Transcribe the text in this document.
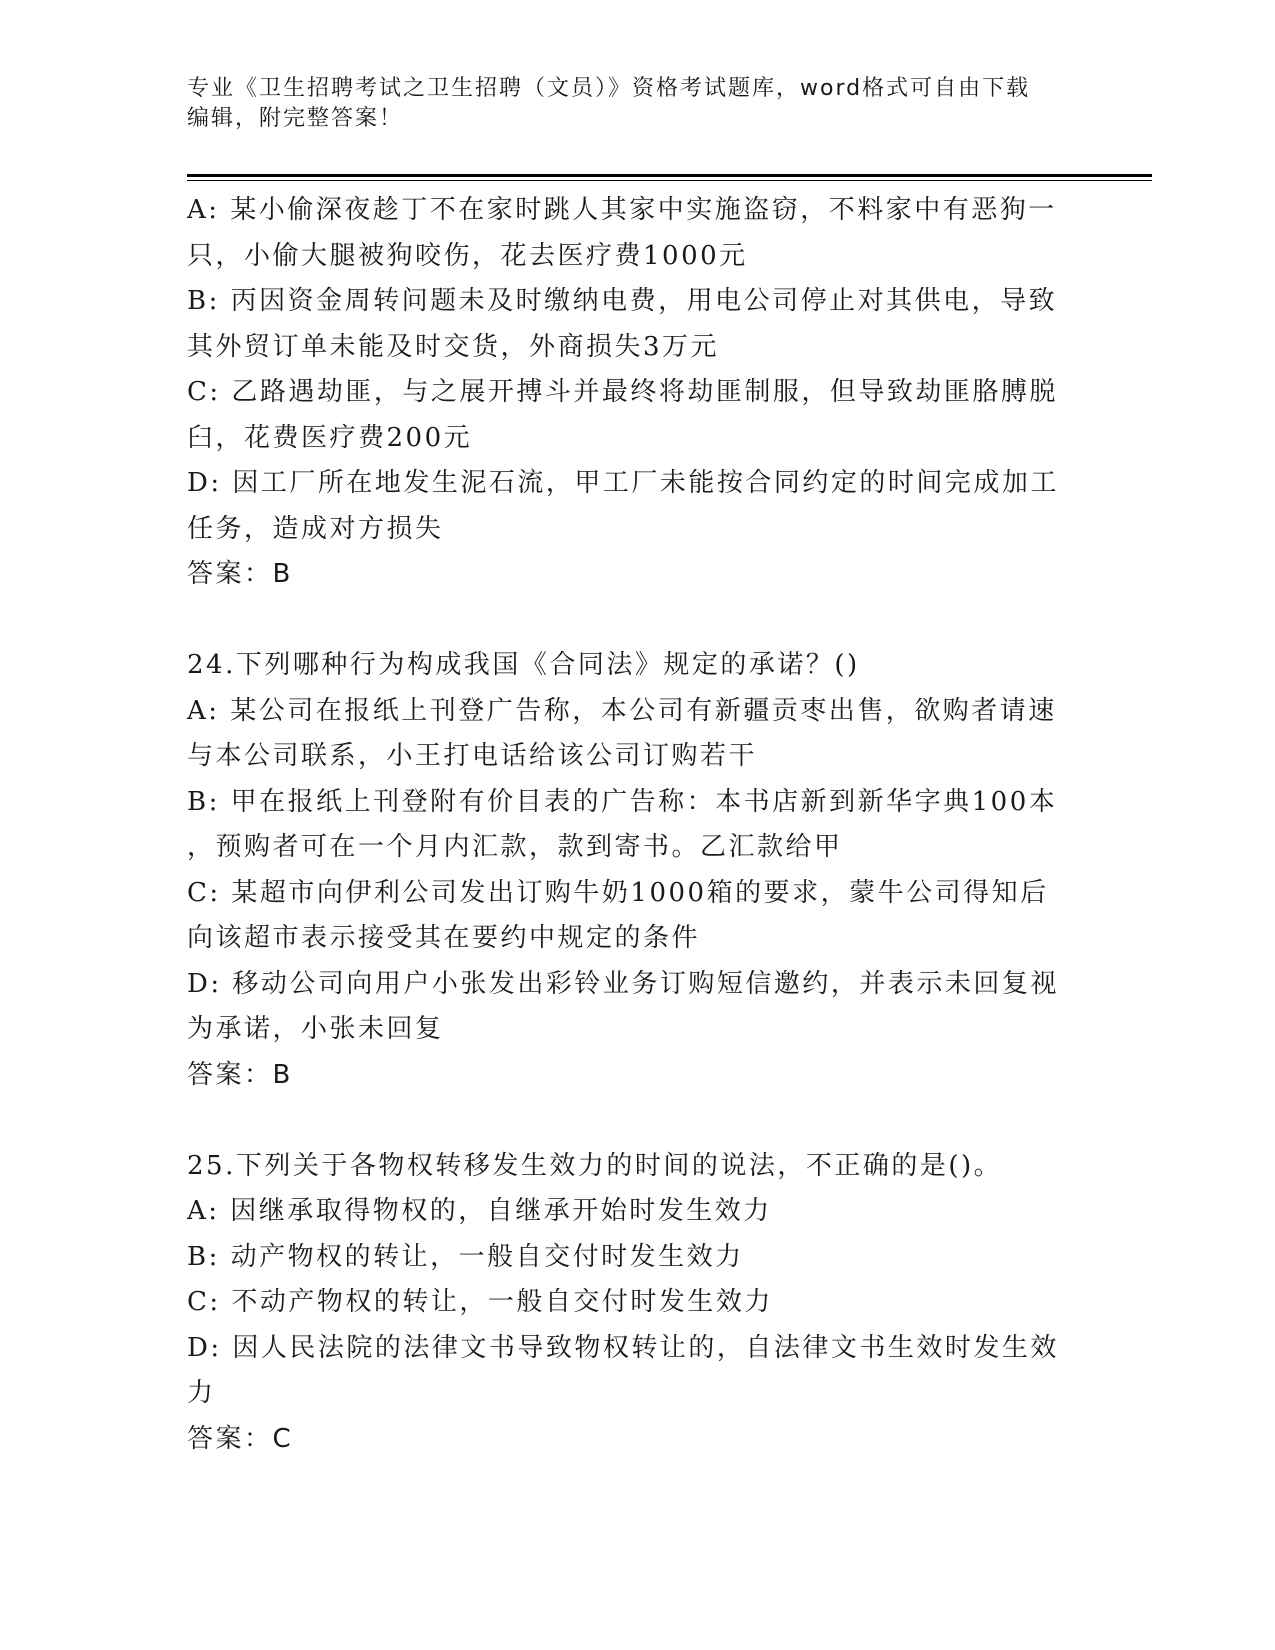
专业《卫生招聘考试之卫生招聘（文员）》资格考试题库，word格式可自由下载
编辑，附完整答案！

A: 某小偷深夜趁丁不在家时跳人其家中实施盗窃，不料家中有恶狗一

只，小偷大腿被狗咬伤，花去医疗费1000元

B: 丙因资金周转问题未及时缴纳电费，用电公司停止对其供电，导致

其外贸订单未能及时交货，外商损失3万元

C: 乙路遇劫匪，与之展开搏斗并最终将劫匪制服，但导致劫匪胳膊脱

臼，花费医疗费200元

D: 因工厂所在地发生泥石流，甲工厂未能按合同约定的时间完成加工

任务，造成对方损失

答案：B

24.下列哪种行为构成我国《合同法》规定的承诺？()

A: 某公司在报纸上刊登广告称，本公司有新疆贡枣出售，欲购者请速

与本公司联系，小王打电话给该公司订购若干

B: 甲在报纸上刊登附有价目表的广告称：本书店新到新华字典100本

，预购者可在一个月内汇款，款到寄书。乙汇款给甲

C: 某超市向伊利公司发出订购牛奶1000箱的要求，蒙牛公司得知后

向该超市表示接受其在要约中规定的条件

D: 移动公司向用户小张发出彩铃业务订购短信邀约，并表示未回复视

为承诺，小张未回复

答案：B

25.下列关于各物权转移发生效力的时间的说法，不正确的是()。

A: 因继承取得物权的，自继承开始时发生效力

B: 动产物权的转让，一般自交付时发生效力

C: 不动产物权的转让，一般自交付时发生效力

D: 因人民法院的法律文书导致物权转让的，自法律文书生效时发生效

力

答案：C
